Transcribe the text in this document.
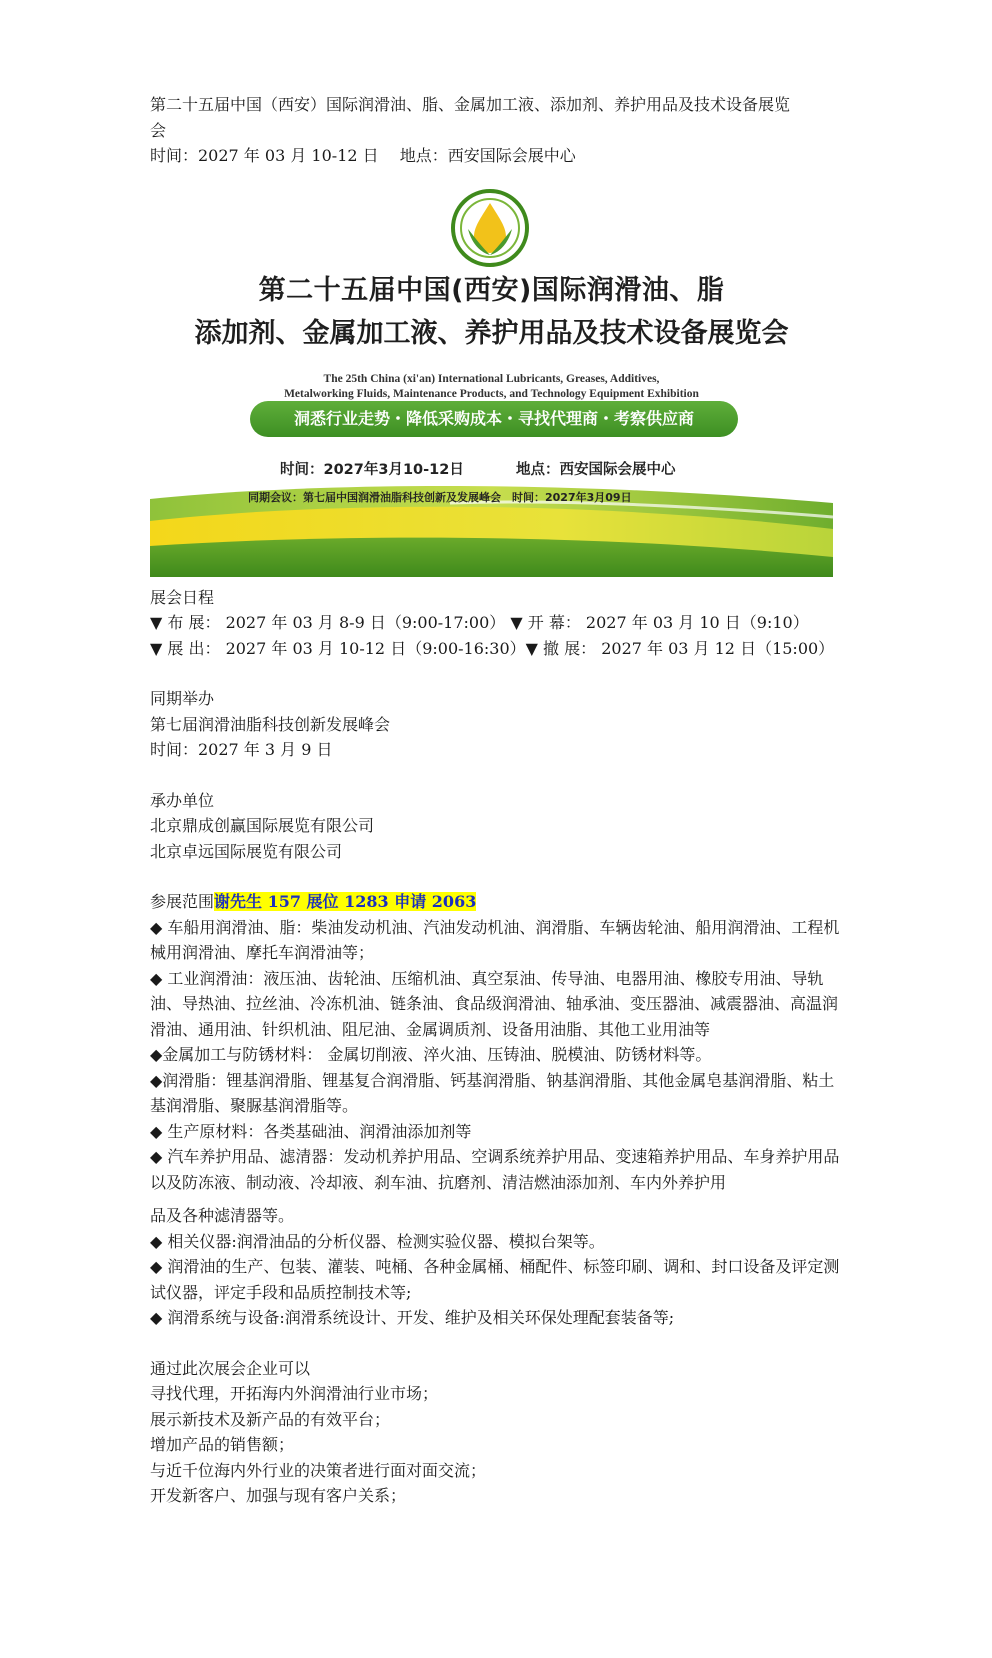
第二十五届中国（西安）国际润滑油、脂、金属加工液、添加剂、养护用品及技术设备展览
会
时间：2027 年 03 月 10-12 日　 地点：西安国际会展中心
第二十五届中国(西安)国际润滑油、脂
添加剂、金属加工液、养护用品及技术设备展览会
The 25th China (xi'an) International Lubricants, Greases, Additives,
Metalworking Fluids, Maintenance Products, and Technology Equipment Exhibition
洞悉行业走势・降低采购成本・寻找代理商・考察供应商
时间：2027年3月10-12日	地点：西安国际会展中心
同期会议：第七届中国润滑油脂科技创新及发展峰会　时间：2027年3月09日
展会日程
▼ 布 展： 2027 年 03 月 8-9 日（9:00-17:00） ▼ 开 幕： 2027 年 03 月 10 日（9:10）
▼ 展 出： 2027 年 03 月 10-12 日（9:00-16:30）▼ 撤 展： 2027 年 03 月 12 日（15:00）
同期举办
第七届润滑油脂科技创新发展峰会
时间：2027 年 3 月 9 日
承办单位
北京鼎成创赢国际展览有限公司
北京卓远国际展览有限公司
参展范围谢先生 157 展位 1283 申请 2063
◆ 车船用润滑油、脂：柴油发动机油、汽油发动机油、润滑脂、车辆齿轮油、船用润滑油、工程机械用润滑油、摩托车润滑油等；
◆ 工业润滑油：液压油、齿轮油、压缩机油、真空泵油、传导油、电器用油、橡胶专用油、导轨油、导热油、拉丝油、冷冻机油、链条油、食品级润滑油、轴承油、变压器油、减震器油、高温润滑油、通用油、针织机油、阻尼油、金属调质剂、设备用油脂、其他工业用油等
◆金属加工与防锈材料： 金属切削液、淬火油、压铸油、脱模油、防锈材料等。
◆润滑脂：锂基润滑脂、锂基复合润滑脂、钙基润滑脂、钠基润滑脂、其他金属皂基润滑脂、粘土基润滑脂、聚脲基润滑脂等。
◆ 生产原材料：各类基础油、润滑油添加剂等
◆ 汽车养护用品、滤清器：发动机养护用品、空调系统养护用品、变速箱养护用品、车身养护用品以及防冻液、制动液、冷却液、刹车油、抗磨剂、清洁燃油添加剂、车内外养护用
品及各种滤清器等。
◆ 相关仪器:润滑油品的分析仪器、检测实验仪器、模拟台架等。
◆ 润滑油的生产、包装、灌装、吨桶、各种金属桶、桶配件、标签印刷、调和、封口设备及评定测试仪器，评定手段和品质控制技术等;
◆ 润滑系统与设备:润滑系统设计、开发、维护及相关环保处理配套装备等;
通过此次展会企业可以
寻找代理，开拓海内外润滑油行业市场；
展示新技术及新产品的有效平台；
增加产品的销售额；
与近千位海内外行业的决策者进行面对面交流；
开发新客户、加强与现有客户关系；
